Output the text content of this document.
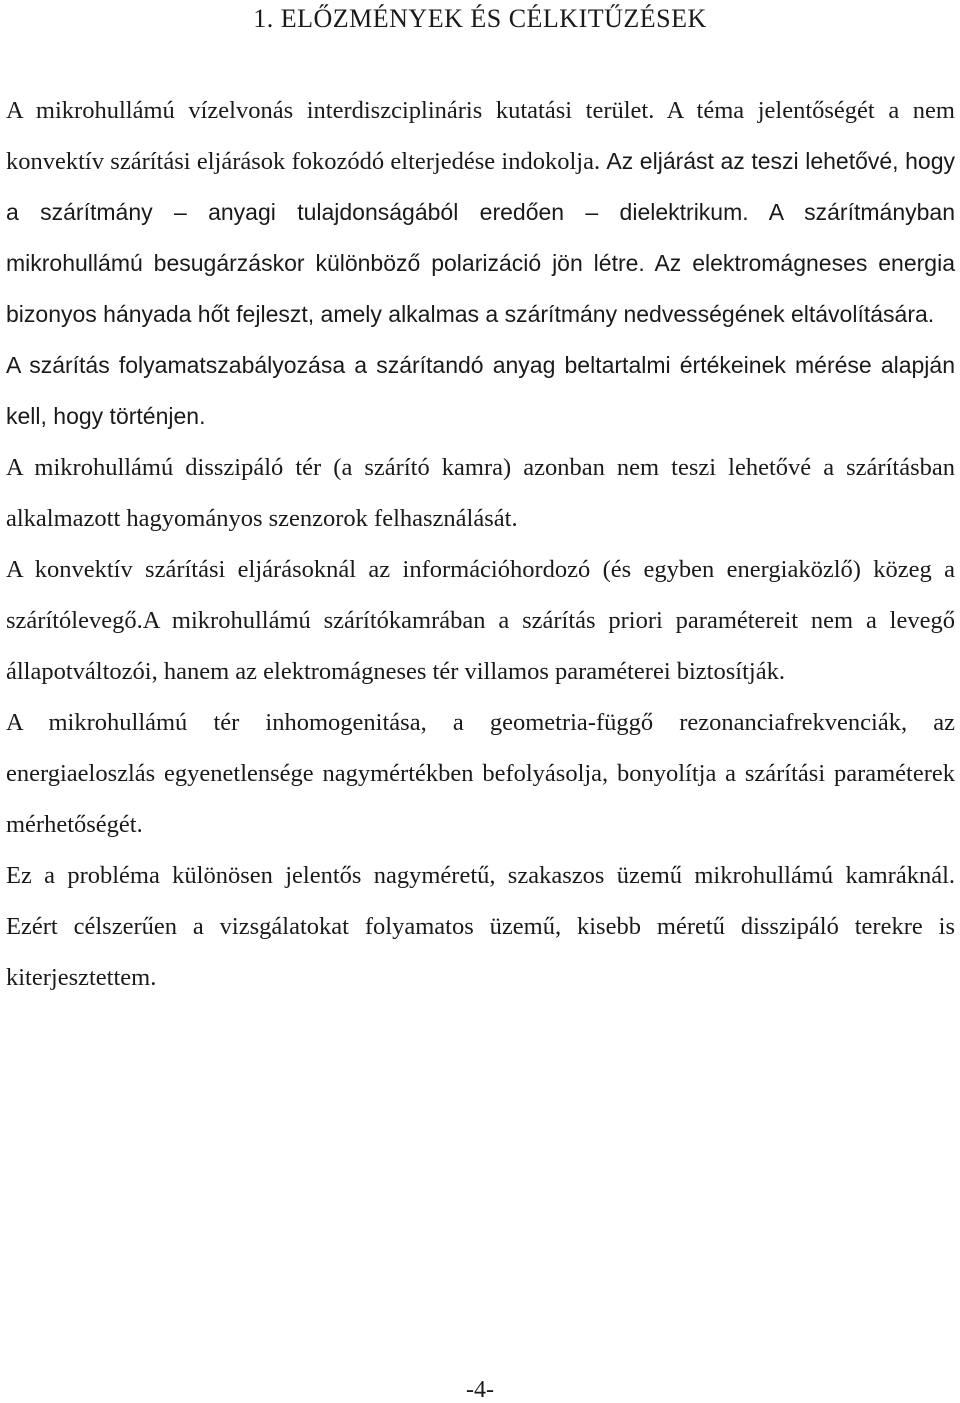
1. ELŐZMÉNYEK ÉS CÉLKITŰZÉSEK

A mikrohullámú vízelvonás interdiszciplináris kutatási terület. A téma jelentőségét a nem konvektív szárítási eljárások fokozódó elterjedése indokolja. Az eljárást az teszi lehetővé, hogy a szárítmány – anyagi tulajdonságából eredően – dielektrikum. A szárítmányban mikrohullámú besugárzáskor különböző polarizáció jön létre. Az elektromágneses energia bizonyos hányada hőt fejleszt, amely alkalmas a szárítmány nedvességének eltávolítására.

A szárítás folyamatszabályozása a szárítandó anyag beltartalmi értékeinek mérése alapján kell, hogy történjen.

A mikrohullámú disszipáló tér (a szárító kamra) azonban nem teszi lehetővé a szárításban alkalmazott hagyományos szenzorok felhasználását.

A konvektív szárítási eljárásoknál az információhordozó (és egyben energiaközlő) közeg a szárítólevegő.A mikrohullámú szárítókamrában a szárítás priori paramétereit nem a levegő állapotváltozói, hanem az elektromágneses tér villamos paraméterei biztosítják.

A mikrohullámú tér inhomogenitása, a geometria-függő rezonanciafrekvenciák, az energiaeloszlás egyenetlensége nagymértékben befolyásolja, bonyolítja a szárítási paraméterek mérhetőségét.

Ez a probléma különösen jelentős nagyméretű, szakaszos üzemű mikrohullámú kamráknál. Ezért célszerűen a vizsgálatokat folyamatos üzemű, kisebb méretű disszipáló terekre is kiterjesztettem.

-4-
